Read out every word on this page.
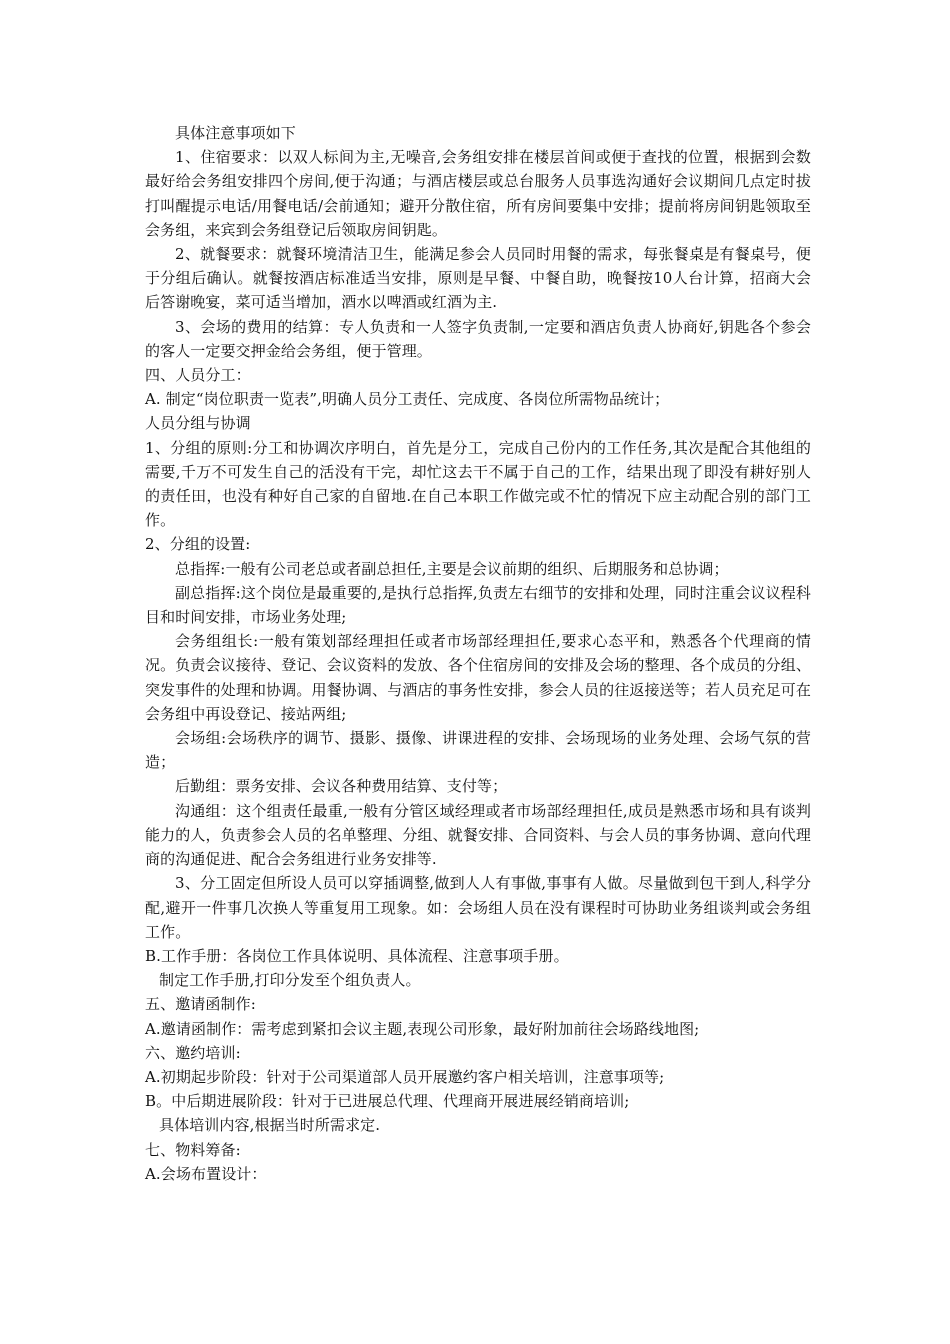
具体注意事项如下

1、住宿要求：以双人标间为主,无噪音,会务组安排在楼层首间或便于查找的位置，根据到会数最好给会务组安排四个房间,便于沟通；与酒店楼层或总台服务人员事选沟通好会议期间几点定时拔打叫醒提示电话/用餐电话/会前通知；避开分散住宿，所有房间要集中安排；提前将房间钥匙领取至会务组，来宾到会务组登记后领取房间钥匙。

2、就餐要求：就餐环境清洁卫生，能满足参会人员同时用餐的需求，每张餐桌是有餐桌号，便于分组后确认。就餐按酒店标准适当安排，原则是早餐、中餐自助，晚餐按10人台计算，招商大会后答谢晚宴，菜可适当增加，酒水以啤酒或红酒为主.

3、会场的费用的结算：专人负责和一人签字负责制,一定要和酒店负责人协商好,钥匙各个参会的客人一定要交押金给会务组，便于管理。

四、人员分工：

A. 制定“岗位职责一览表”,明确人员分工责任、完成度、各岗位所需物品统计；

人员分组与协调

1、分组的原则:分工和协调次序明白，首先是分工，完成自己份内的工作任务,其次是配合其他组的需要,千万不可发生自己的活没有干完，却忙这去干不属于自己的工作，结果出现了即没有耕好别人的责任田，也没有种好自己家的自留地.在自己本职工作做完或不忙的情况下应主动配合别的部门工作。

2、分组的设置:

总指挥:一般有公司老总或者副总担任,主要是会议前期的组织、后期服务和总协调；

副总指挥:这个岗位是最重要的,是执行总指挥,负责左右细节的安排和处理，同时注重会议议程科目和时间安排，市场业务处理;

会务组组长:一般有策划部经理担任或者市场部经理担任,要求心态平和，熟悉各个代理商的情况。负责会议接待、登记、会议资料的发放、各个住宿房间的安排及会场的整理、各个成员的分组、突发事件的处理和协调。用餐协调、与酒店的事务性安排，参会人员的往返接送等；若人员充足可在会务组中再设登记、接站两组;

会场组:会场秩序的调节、摄影、摄像、讲课进程的安排、会场现场的业务处理、会场气氛的营造；

后勤组：票务安排、会议各种费用结算、支付等；

沟通组：这个组责任最重,一般有分管区域经理或者市场部经理担任,成员是熟悉市场和具有谈判能力的人，负责参会人员的名单整理、分组、就餐安排、合同资料、与会人员的事务协调、意向代理商的沟通促进、配合会务组进行业务安排等.

3、分工固定但所设人员可以穿插调整,做到人人有事做,事事有人做。尽量做到包干到人,科学分配,避开一件事几次换人等重复用工现象。如：会场组人员在没有课程时可协助业务组谈判或会务组工作。

B.工作手册：各岗位工作具体说明、具体流程、注意事项手册。

制定工作手册,打印分发至个组负责人。

五、邀请函制作:

A.邀请函制作：需考虑到紧扣会议主题,表现公司形象，最好附加前往会场路线地图;

六、邀约培训:

A.初期起步阶段：针对于公司渠道部人员开展邀约客户相关培训，注意事项等;

B。中后期进展阶段：针对于已进展总代理、代理商开展进展经销商培训;

具体培训内容,根据当时所需求定.

七、物料筹备:

A.会场布置设计：
